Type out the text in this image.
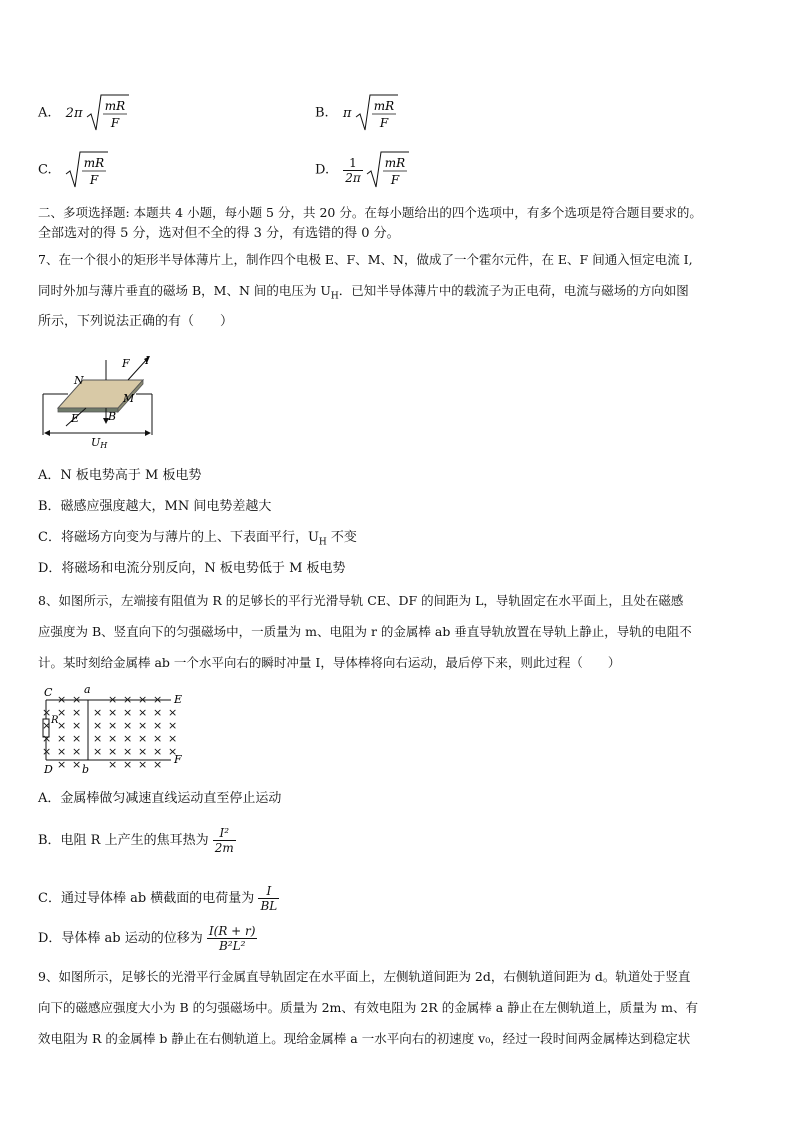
A. 2π mR
F
B. π mR
F
C.	mR
F
D. $\frac{1}{2\pi}$
mR
F
二、多项选择题: 本题共 4 小题，每小题 5 分，共 20 分。在每小题给出的四个选项中，有多个选项是符合题目要求的。
全部选对的得 5 分，选对但不全的得 3 分，有选错的得 0 分。
7、在一个很小的矩形半导体薄片上，制作四个电极 E、F、M、N，做成了一个霍尔元件，在 E、F 间通入恒定电流 I,
同时外加与薄片垂直的磁场 B，M、N 间的电压为 $U_H$．已知半导体薄片中的载流子为正电荷，电流与磁场的方向如图
所示，下列说法正确的有（　　）
F I
N
M
E	B
UH
A．N 板电势高于 M 板电势
B．磁感应强度越大，MN 间电势差越大
C．将磁场方向变为与薄片的上、下表面平行，$U_H$ 不变
D．将磁场和电流分别反向，N 板电势低于 M 板电势
8、如图所示，左端接有阻值为 R 的足够长的平行光滑导轨 CE、DF 的间距为 L，导轨固定在水平面上，且处在磁感
应强度为 B、竖直向下的匀强磁场中，一质量为 m、电阻为 r 的金属棒 ab 垂直导轨放置在导轨上静止，导轨的电阻不
计。某时刻给金属棒 ab 一个水平向右的瞬时冲量 I，导体棒将向右运动，最后停下来，则此过程（　　）
× × × × × ×
× × × × × × × × ×
× × × × × × × × ×
× × × × × × × × ×
× × × × × × × × ×
× × × × × ×
C	a
E
R
D	b
F
A．金属棒做匀减速直线运动直至停止运动
B．电阻 R 上产生的焦耳热为 $\frac{\text{I²}}{2m}$
C．通过导体棒 ab 横截面的电荷量为 $\frac{I}{BL}$
D．导体棒 ab 运动的位移为 $\frac{I(R + r)}{\text{B²L²}}$
9、如图所示，足够长的光滑平行金属直导轨固定在水平面上，左侧轨道间距为 2d，右侧轨道间距为 d。轨道处于竖直
向下的磁感应强度大小为 B 的匀强磁场中。质量为 2m、有效电阻为 2R 的金属棒 a 静止在左侧轨道上，质量为 m、有
效电阻为 R 的金属棒 b 静止在右侧轨道上。现给金属棒 a 一水平向右的初速度 v₀，经过一段时间两金属棒达到稳定状
